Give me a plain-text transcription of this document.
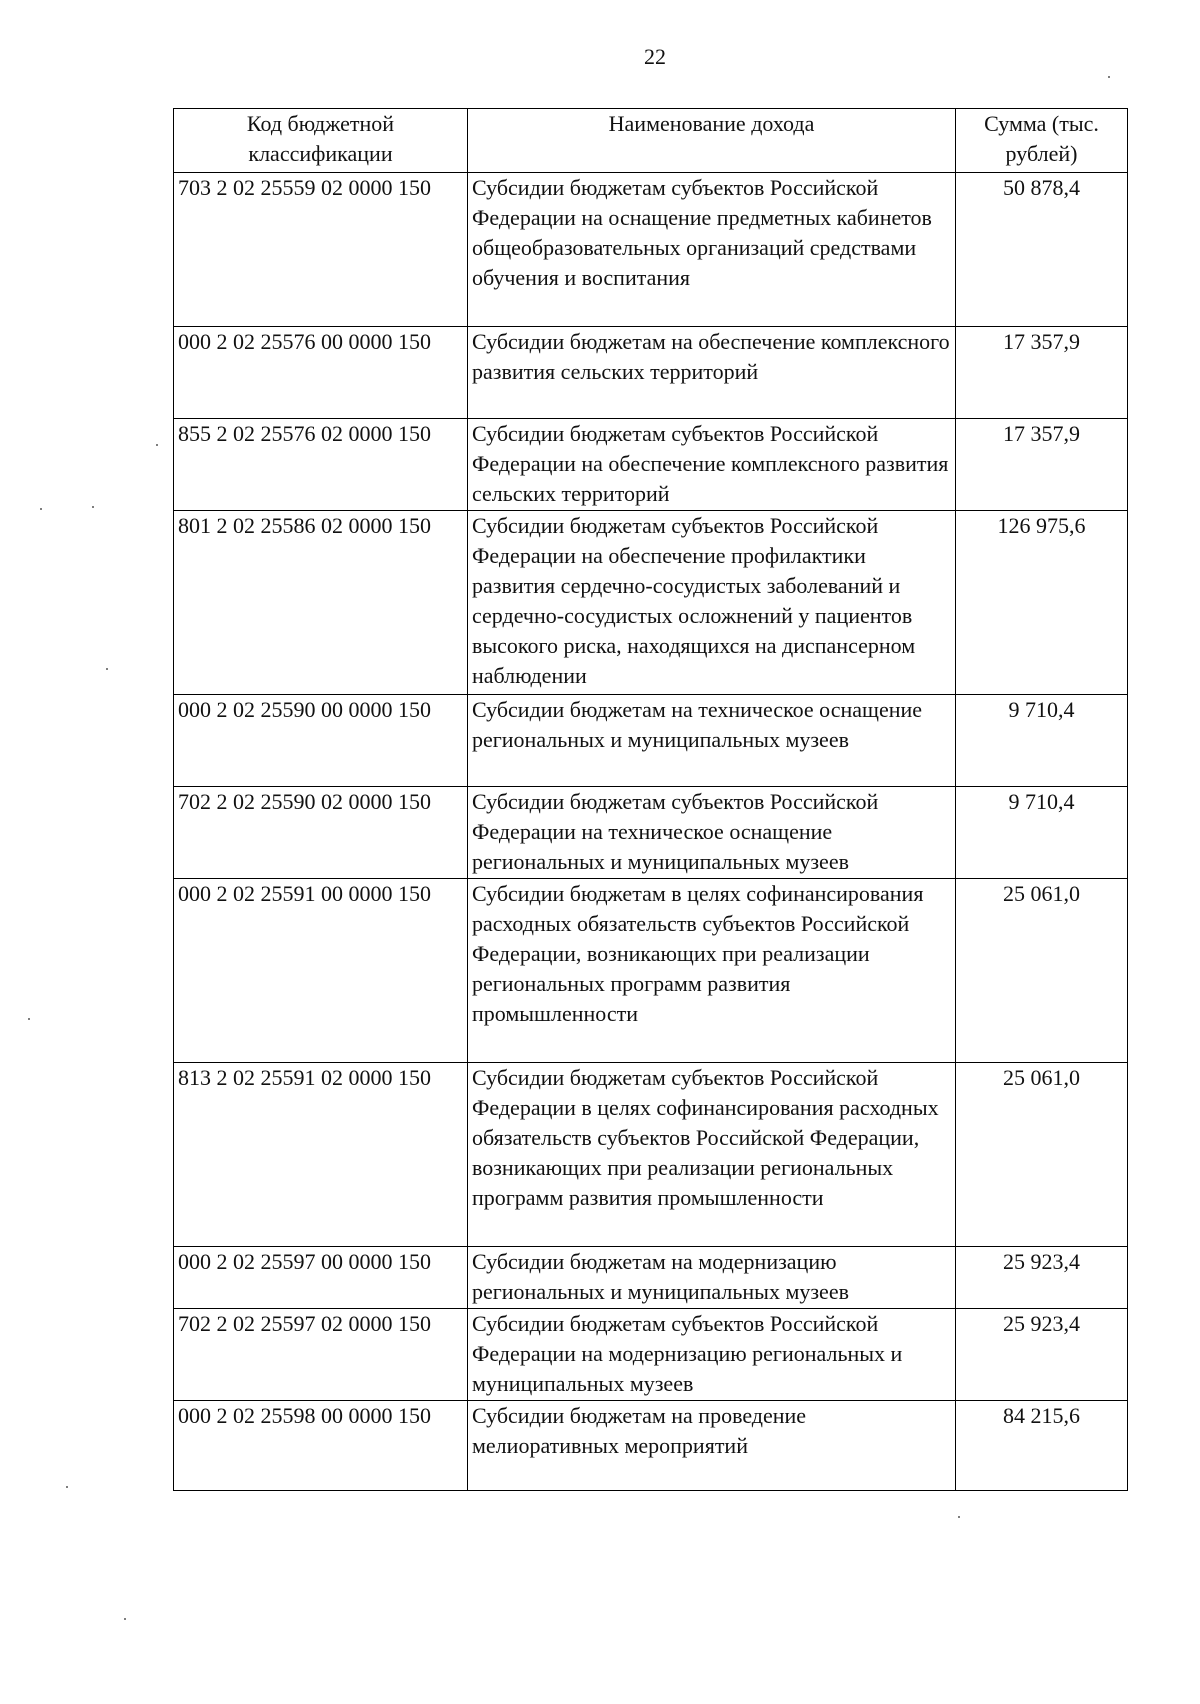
22
Код бюджетной классификации	Наименование дохода	Сумма (тыс. рублей)
703 2 02 25559 02 0000 150	Субсидии бюджетам субъектов Российской Федерации на оснащение предметных кабинетов общеобразовательных организаций средствами обучения и воспитания	50 878,4
000 2 02 25576 00 0000 150	Субсидии бюджетам на обеспечение комплексного развития сельских территорий	17 357,9
855 2 02 25576 02 0000 150	Субсидии бюджетам субъектов Российской Федерации на обеспечение комплексного развития сельских территорий	17 357,9
801 2 02 25586 02 0000 150	Субсидии бюджетам субъектов Российской Федерации на обеспечение профилактики развития сердечно-сосудистых заболеваний и сердечно-сосудистых осложнений у пациентов высокого риска, находящихся на диспансерном наблюдении	126 975,6
000 2 02 25590 00 0000 150	Субсидии бюджетам на техническое оснащение региональных и муниципальных музеев	9 710,4
702 2 02 25590 02 0000 150	Субсидии бюджетам субъектов Российской Федерации на техническое оснащение региональных и муниципальных музеев	9 710,4
000 2 02 25591 00 0000 150	Субсидии бюджетам в целях софинансирования расходных обязательств субъектов Российской Федерации, возникающих при реализации региональных программ развития промышленности	25 061,0
813 2 02 25591 02 0000 150	Субсидии бюджетам субъектов Российской Федерации в целях софинансирования расходных обязательств субъектов Российской Федерации, возникающих при реализации региональных программ развития промышленности	25 061,0
000 2 02 25597 00 0000 150	Субсидии бюджетам на модернизацию региональных и муниципальных музеев	25 923,4
702 2 02 25597 02 0000 150	Субсидии бюджетам субъектов Российской Федерации на модернизацию региональных и муниципальных музеев	25 923,4
000 2 02 25598 00 0000 150	Субсидии бюджетам на проведение мелиоративных мероприятий	84 215,6
